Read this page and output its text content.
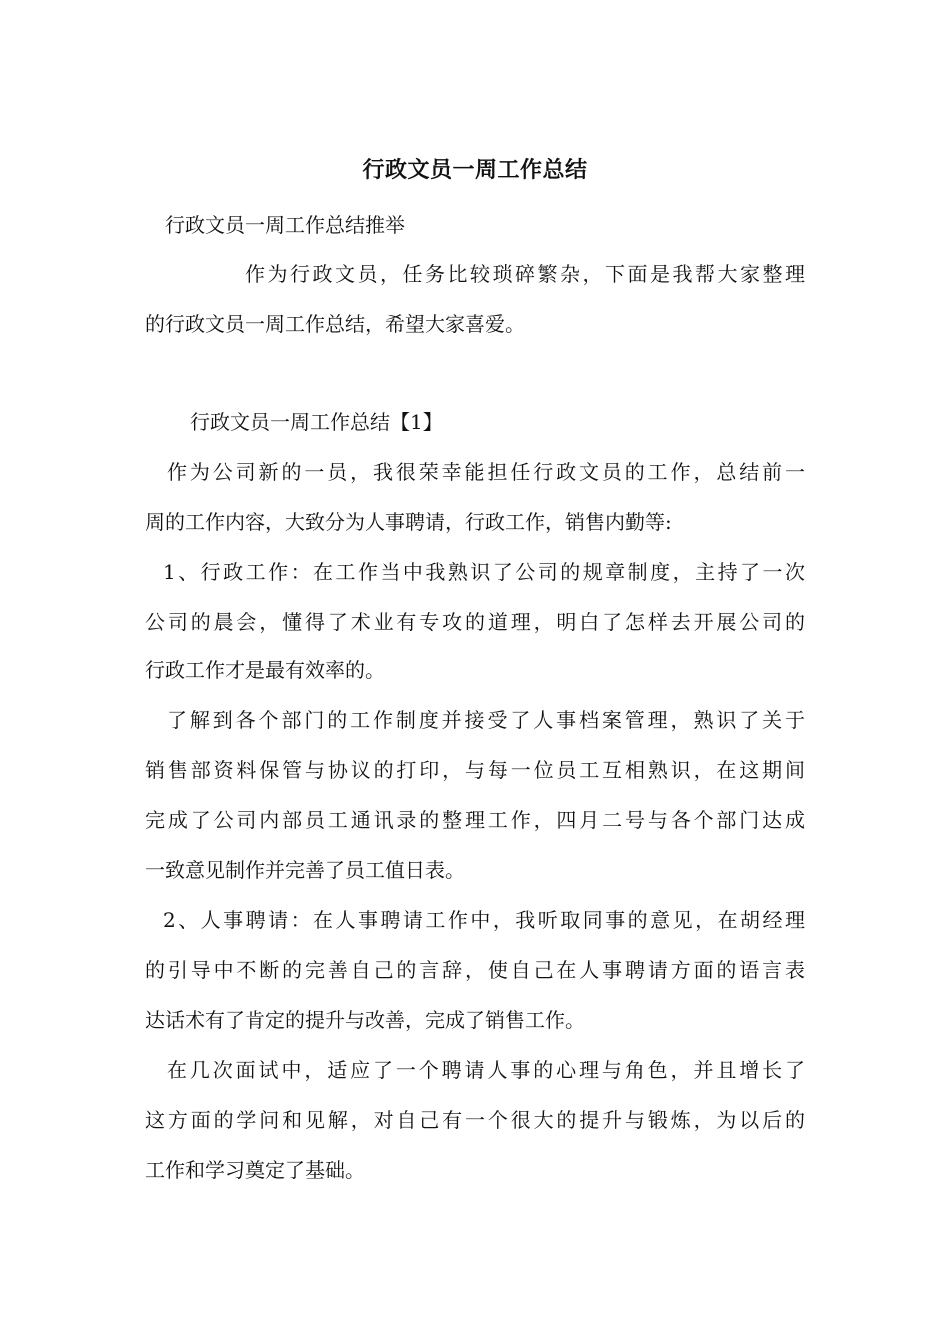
行政文员一周工作总结
行政文员一周工作总结推举
作为行政文员，任务比较琐碎繁杂，下面是我帮大家整理
的行政文员一周工作总结，希望大家喜爱。
行政文员一周工作总结【1】
作为公司新的一员，我很荣幸能担任行政文员的工作，总结前一
周的工作内容，大致分为人事聘请，行政工作，销售内勤等:
1、行政工作：在工作当中我熟识了公司的规章制度，主持了一次
公司的晨会，懂得了术业有专攻的道理，明白了怎样去开展公司的
行政工作才是最有效率的。
了解到各个部门的工作制度并接受了人事档案管理，熟识了关于
销售部资料保管与协议的打印，与每一位员工互相熟识，在这期间
完成了公司内部员工通讯录的整理工作，四月二号与各个部门达成
一致意见制作并完善了员工值日表。
2、人事聘请：在人事聘请工作中，我听取同事的意见，在胡经理
的引导中不断的完善自己的言辞，使自己在人事聘请方面的语言表
达话术有了肯定的提升与改善，完成了销售工作。
在几次面试中，适应了一个聘请人事的心理与角色，并且增长了
这方面的学问和见解，对自己有一个很大的提升与锻炼，为以后的
工作和学习奠定了基础。
